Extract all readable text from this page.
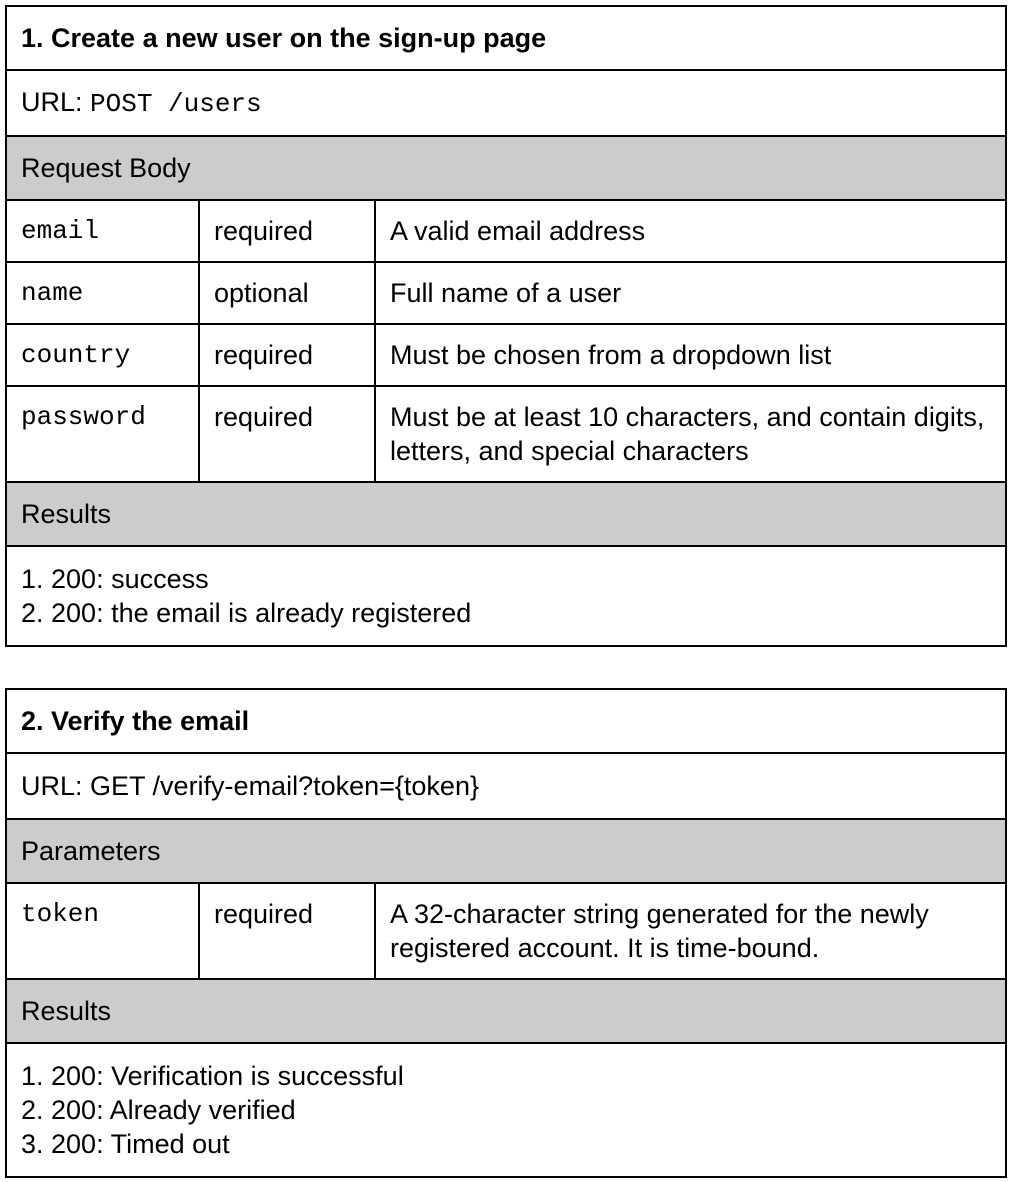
1. Create a new user on the sign-up page		
URL: POST /users		
Request Body		
email	required	A valid email address
name	optional	Full name of a user
country	required	Must be chosen from a dropdown list
password	required	Must be at least 10 characters, and contain digits, letters, and special characters
Results		

1. 200: success
2. 200: the email is already registered
2. Verify the email
URL: GET /verify-email?token={token}
Parameters
token	required	A 32-character string generated for the newly registered account. It is time-bound.
Results

1. 200: Verification is successful
2. 200: Already verified
3. 200: Timed out
